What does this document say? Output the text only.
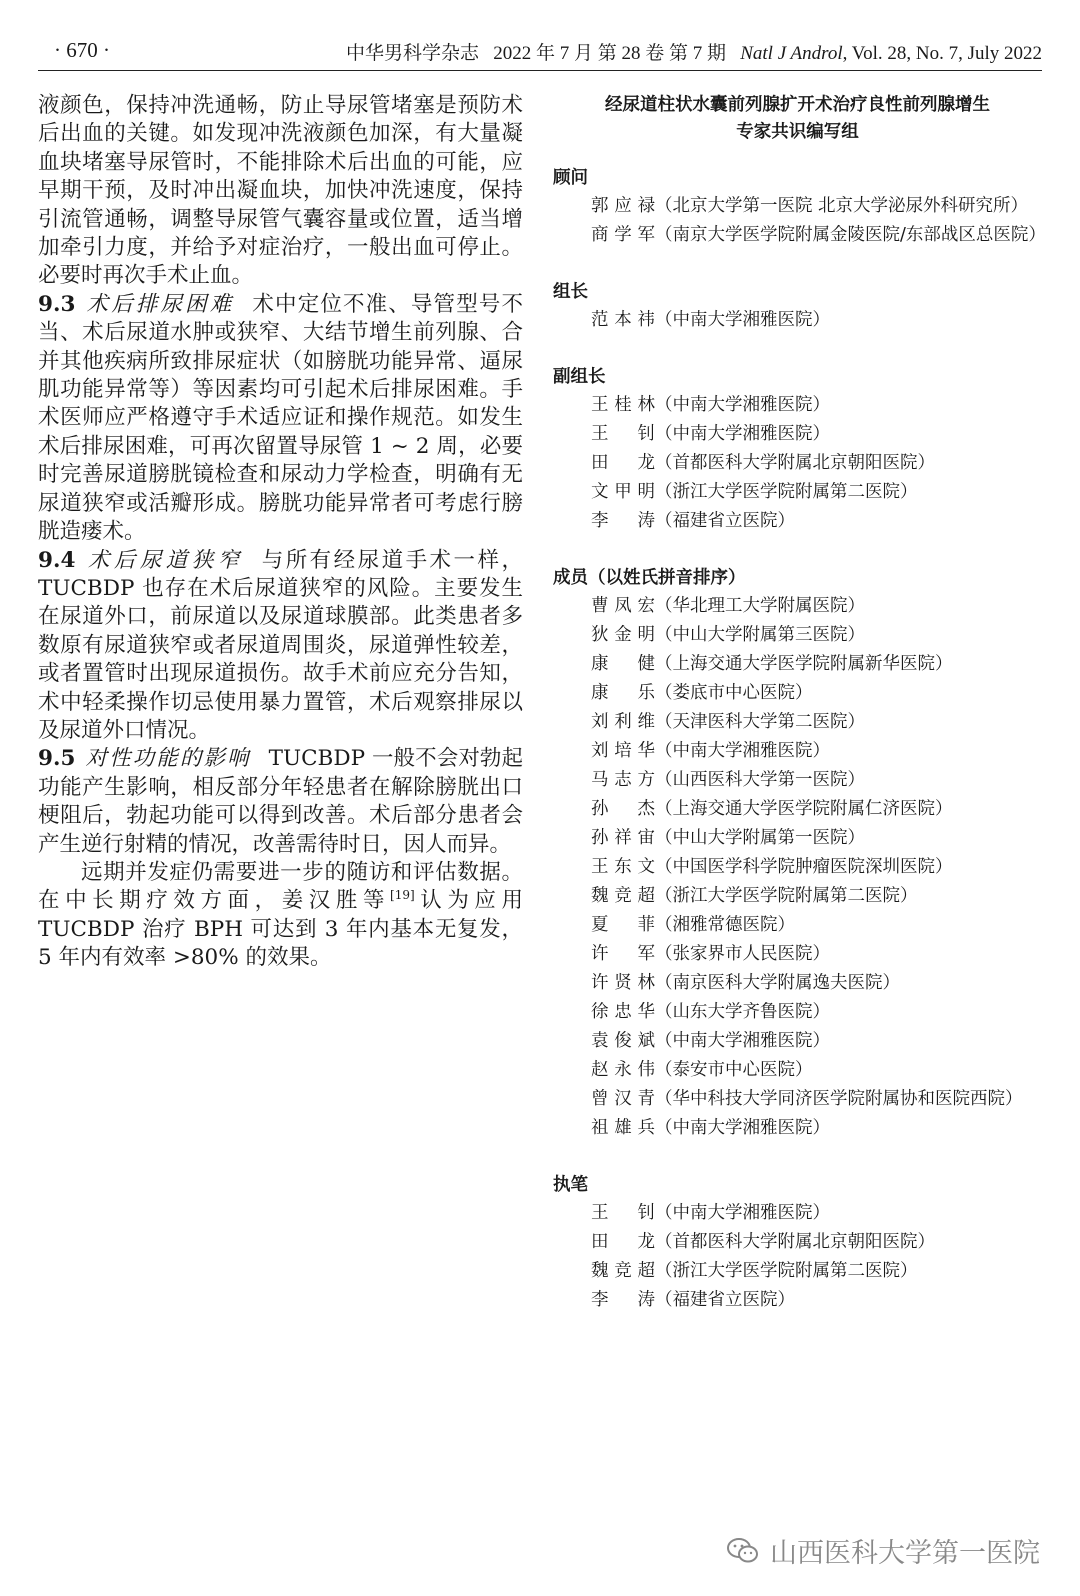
· 670 ·	中华男科学杂志 2022 年 7 月 第 28 卷 第 7 期 Natl J Androl, Vol. 28, No. 7, July 2022

液颜色，保持冲洗通畅，防止导尿管堵塞是预防术后出血的关键。如发现冲洗液颜色加深，有大量凝血块堵塞导尿管时，不能排除术后出血的可能，应早期干预，及时冲出凝血块，加快冲洗速度，保持引流管通畅，调整导尿管气囊容量或位置，适当增加牵引力度，并给予对症治疗，一般出血可停止。必要时再次手术止血。

9.3 术后排尿困难 术中定位不准、导管型号不当、术后尿道水肿或狭窄、大结节增生前列腺、合并其他疾病所致排尿症状（如膀胱功能异常、逼尿肌功能异常等）等因素均可引起术后排尿困难。手术医师应严格遵守手术适应证和操作规范。如发生术后排尿困难，可再次留置导尿管 1 ~ 2 周，必要时完善尿道膀胱镜检查和尿动力学检查，明确有无尿道狭窄或活瓣形成。膀胱功能异常者可考虑行膀胱造瘘术。

9.4 术后尿道狭窄 与所有经尿道手术一样，TUCBDP 也存在术后尿道狭窄的风险。主要发生在尿道外口，前尿道以及尿道球膜部。此类患者多数原有尿道狭窄或者尿道周围炎，尿道弹性较差，或者置管时出现尿道损伤。故手术前应充分告知，术中轻柔操作切忌使用暴力置管，术后观察排尿以及尿道外口情况。

9.5 对性功能的影响 TUCBDP 一般不会对勃起功能产生影响，相反部分年轻患者在解除膀胱出口梗阻后，勃起功能可以得到改善。术后部分患者会产生逆行射精的情况，改善需待时日，因人而异。

远期并发症仍需要进一步的随访和评估数据。在中长期疗效方面，姜汉胜等[19]认为应用 TUCBDP 治疗 BPH 可达到 3 年内基本无复发，5 年内有效率 >80% 的效果。

经尿道柱状水囊前列腺扩开术治疗良性前列腺增生

专家共识编写组

顾问

郭应禄（北京大学第一医院 北京大学泌尿外科研究所）

商学军（南京大学医学院附属金陵医院/东部战区总医院）

组长

范本祎（中南大学湘雅医院）

副组长

王桂林（中南大学湘雅医院）

王钊（中南大学湘雅医院）

田龙（首都医科大学附属北京朝阳医院）

文甲明（浙江大学医学院附属第二医院）

李涛（福建省立医院）

成员（以姓氏拼音排序）

曹凤宏（华北理工大学附属医院）

狄金明（中山大学附属第三医院）

康健（上海交通大学医学院附属新华医院）

康乐（娄底市中心医院）

刘利维（天津医科大学第二医院）

刘培华（中南大学湘雅医院）

马志方（山西医科大学第一医院）

孙杰（上海交通大学医学院附属仁济医院）

孙祥宙（中山大学附属第一医院）

王东文（中国医学科学院肿瘤医院深圳医院）

魏竞超（浙江大学医学院附属第二医院）

夏菲（湘雅常德医院）

许军（张家界市人民医院）

许贤林（南京医科大学附属逸夫医院）

徐忠华（山东大学齐鲁医院）

袁俊斌（中南大学湘雅医院）

赵永伟（泰安市中心医院）

曾汉青（华中科技大学同济医学院附属协和医院西院）

祖雄兵（中南大学湘雅医院）

执笔

王钊（中南大学湘雅医院）

田龙（首都医科大学附属北京朝阳医院）

魏竞超（浙江大学医学院附属第二医院）

李涛（福建省立医院）

山西医科大学第一医院
